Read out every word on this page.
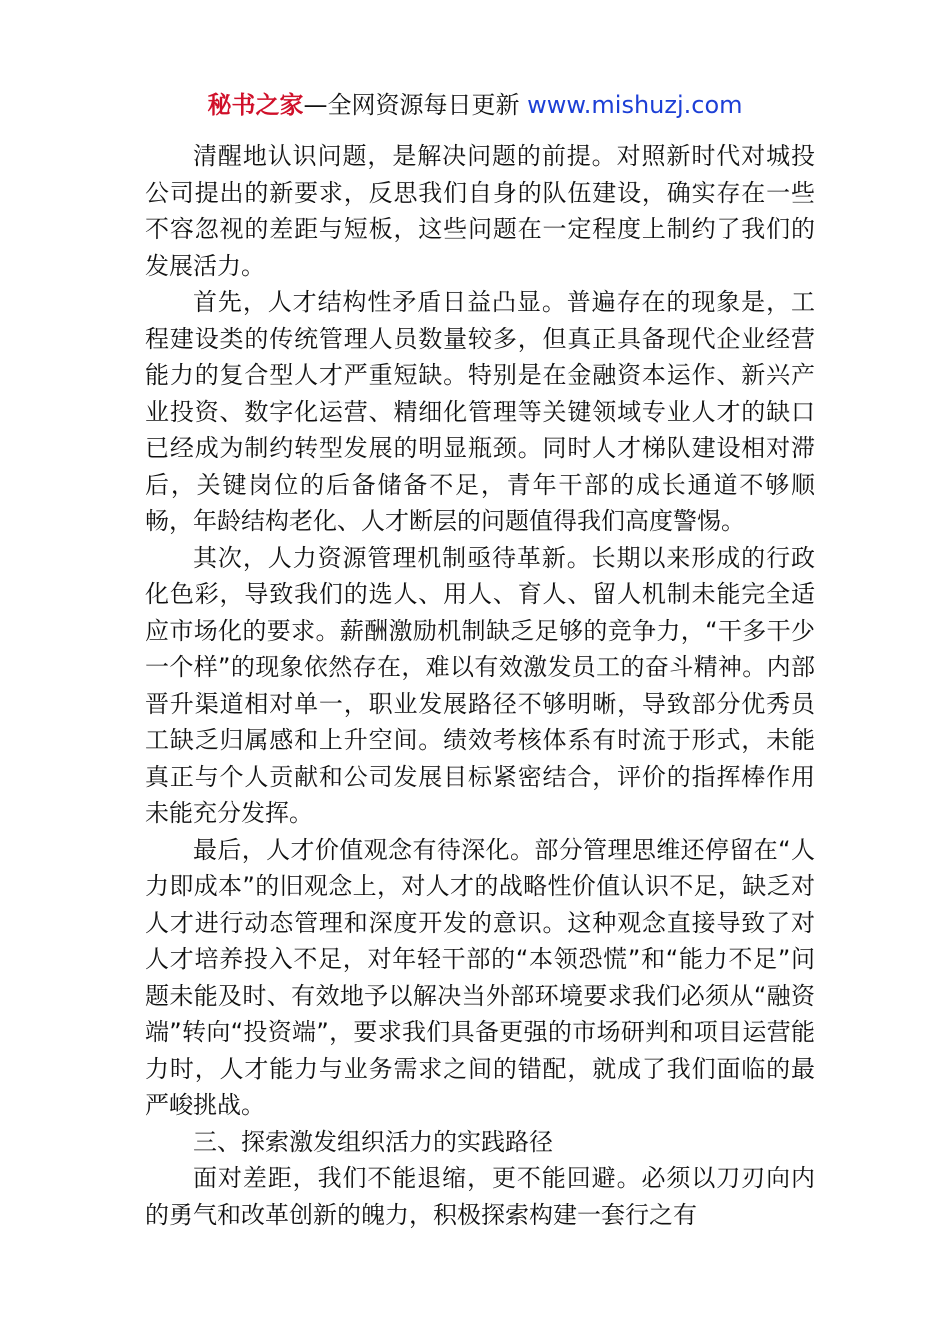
秘书之家—全网资源每日更新 www.mishuzj.com

清醒地认识问题，是解决问题的前提。对照新时代对城投公司提出的新要求，反思我们自身的队伍建设，确实存在一些不容忽视的差距与短板，这些问题在一定程度上制约了我们的发展活力。

首先，人才结构性矛盾日益凸显。普遍存在的现象是，工程建设类的传统管理人员数量较多，但真正具备现代企业经营能力的复合型人才严重短缺。特别是在金融资本运作、新兴产业投资、数字化运营、精细化管理等关键领域专业人才的缺口已经成为制约转型发展的明显瓶颈。同时人才梯队建设相对滞后，关键岗位的后备储备不足，青年干部的成长通道不够顺畅，年龄结构老化、人才断层的问题值得我们高度警惕。

其次，人力资源管理机制亟待革新。长期以来形成的行政化色彩，导致我们的选人、用人、育人、留人机制未能完全适应市场化的要求。薪酬激励机制缺乏足够的竞争力，“干多干少一个样”的现象依然存在，难以有效激发员工的奋斗精神。内部晋升渠道相对单一，职业发展路径不够明晰，导致部分优秀员工缺乏归属感和上升空间。绩效考核体系有时流于形式，未能真正与个人贡献和公司发展目标紧密结合，评价的指挥棒作用未能充分发挥。

最后，人才价值观念有待深化。部分管理思维还停留在“人力即成本”的旧观念上，对人才的战略性价值认识不足，缺乏对人才进行动态管理和深度开发的意识。这种观念直接导致了对人才培养投入不足，对年轻干部的“本领恐慌”和“能力不足”问题未能及时、有效地予以解决当外部环境要求我们必须从“融资端”转向“投资端”，要求我们具备更强的市场研判和项目运营能力时，人才能力与业务需求之间的错配，就成了我们面临的最严峻挑战。

三、探索激发组织活力的实践路径

面对差距，我们不能退缩，更不能回避。必须以刀刃向内的勇气和改革创新的魄力，积极探索构建一套行之有
